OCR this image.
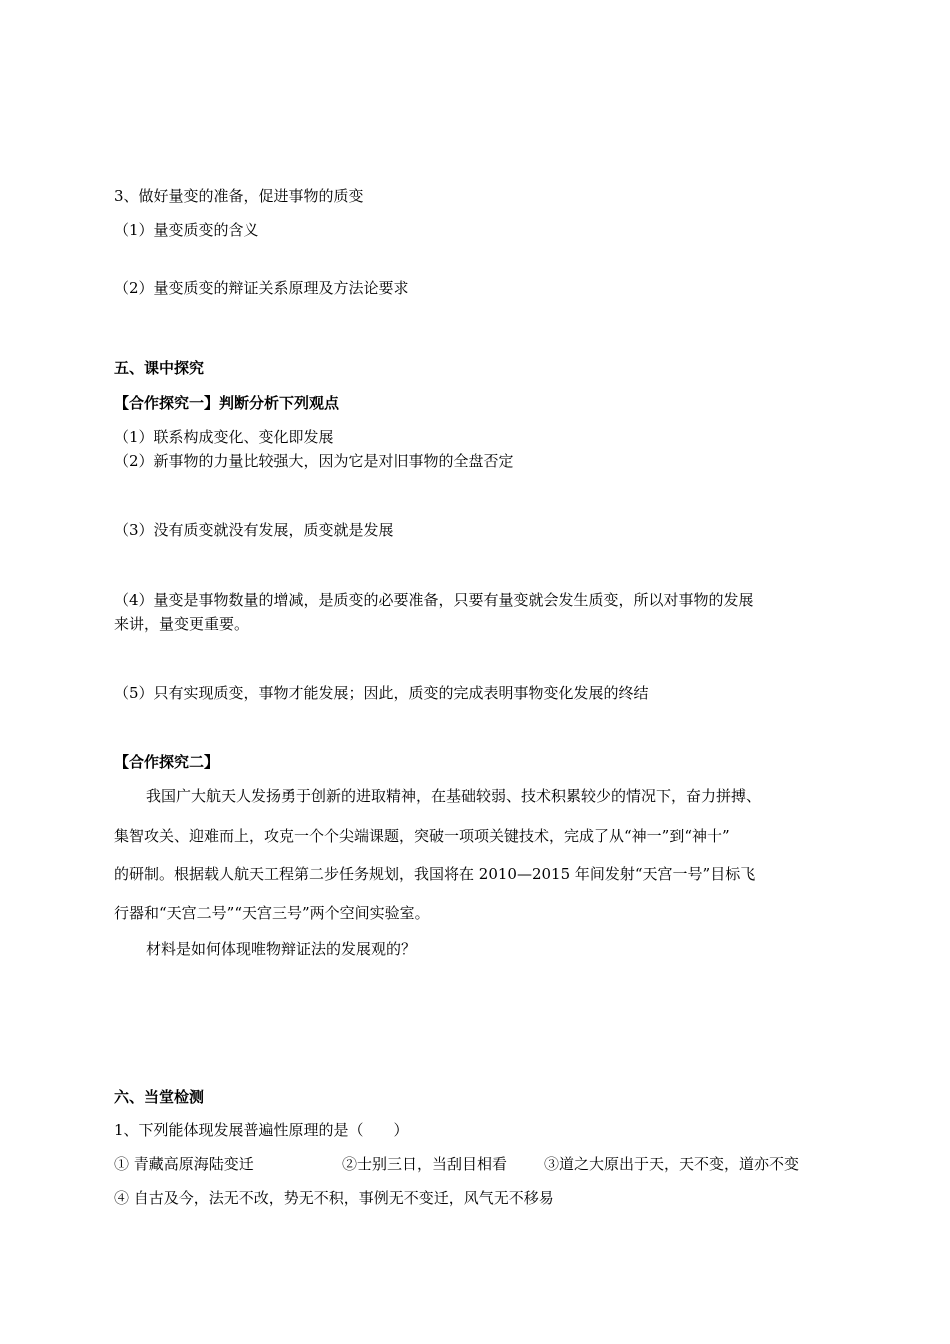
3、做好量变的准备，促进事物的质变
（1）量变质变的含义
（2）量变质变的辩证关系原理及方法论要求
五、课中探究
【合作探究一】判断分析下列观点
（1）联系构成变化、变化即发展
（2）新事物的力量比较强大，因为它是对旧事物的全盘否定
（3）没有质变就没有发展，质变就是发展
（4）量变是事物数量的增减，是质变的必要准备，只要有量变就会发生质变，所以对事物的发展
来讲，量变更重要。
（5）只有实现质变，事物才能发展；因此，质变的完成表明事物变化发展的终结
【合作探究二】
我国广大航天人发扬勇于创新的进取精神，在基础较弱、技术积累较少的情况下，奋力拼搏、
集智攻关、迎难而上，攻克一个个尖端课题，突破一项项关键技术，完成了从“神一”到“神十”
的研制。根据载人航天工程第二步任务规划，我国将在 2010—2015 年间发射“天宫一号”目标飞
行器和“天宫二号”“天宫三号”两个空间实验室。
材料是如何体现唯物辩证法的发展观的？
六、当堂检测
1、下列能体现发展普遍性原理的是（　　）
① 青藏高原海陆变迁	②士别三日，当刮目相看 ③道之大原出于天，天不变，道亦不变
④ 自古及今，法无不改，势无不积，事例无不变迁，风气无不移易
